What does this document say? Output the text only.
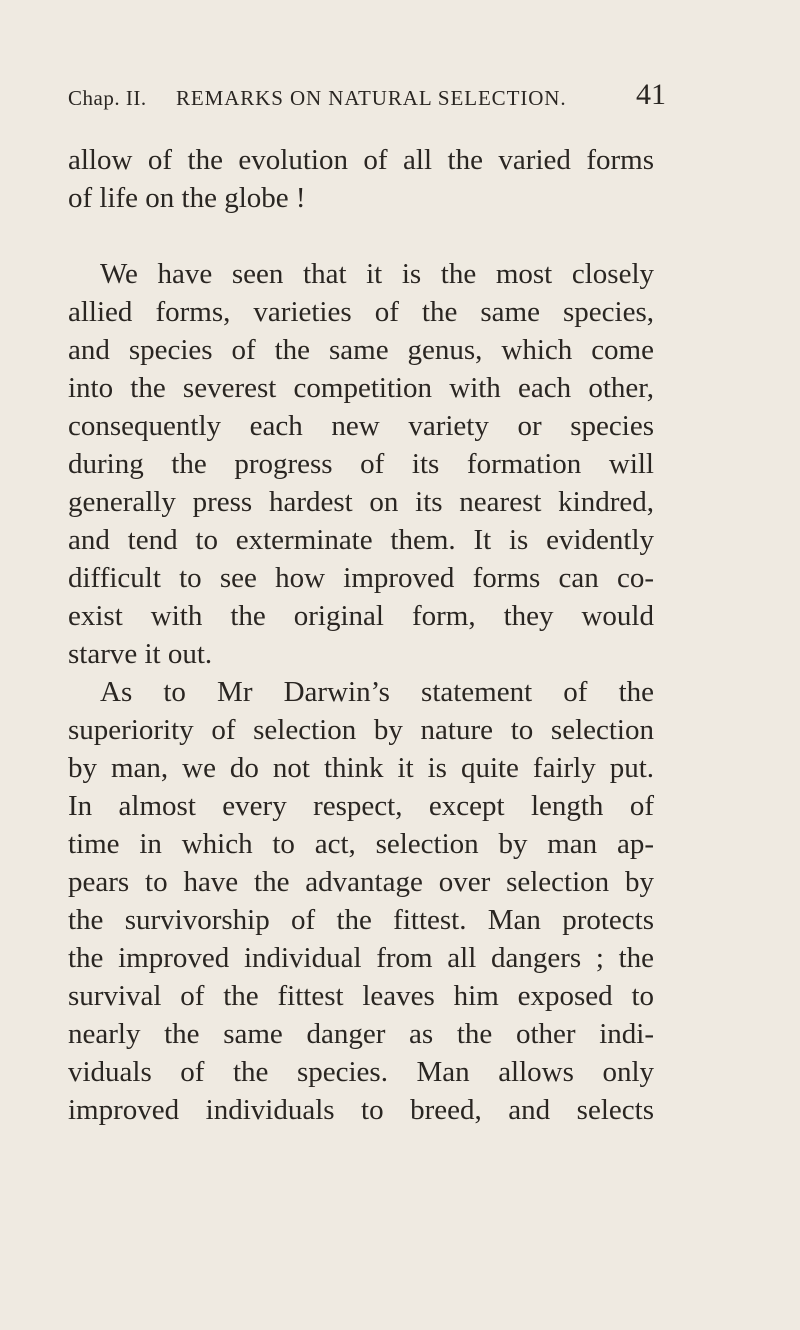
Chap. II. REMARKS ON NATURAL SELECTION. 41
allow of the evolution of all the varied forms
of life on the globe !
We have seen that it is the most closely
allied forms, varieties of the same species,
and species of the same genus, which come
into the severest competition with each other,
consequently each new variety or species
during the progress of its formation will
generally press hardest on its nearest kindred,
and tend to exterminate them. It is evidently
difficult to see how improved forms can co-
exist with the original form, they would
starve it out.
As to Mr Darwin’s statement of the
superiority of selection by nature to selection
by man, we do not think it is quite fairly put.
In almost every respect, except length of
time in which to act, selection by man ap-
pears to have the advantage over selection by
the survivorship of the fittest. Man protects
the improved individual from all dangers ; the
survival of the fittest leaves him exposed to
nearly the same danger as the other indi-
viduals of the species. Man allows only
improved individuals to breed, and selects
